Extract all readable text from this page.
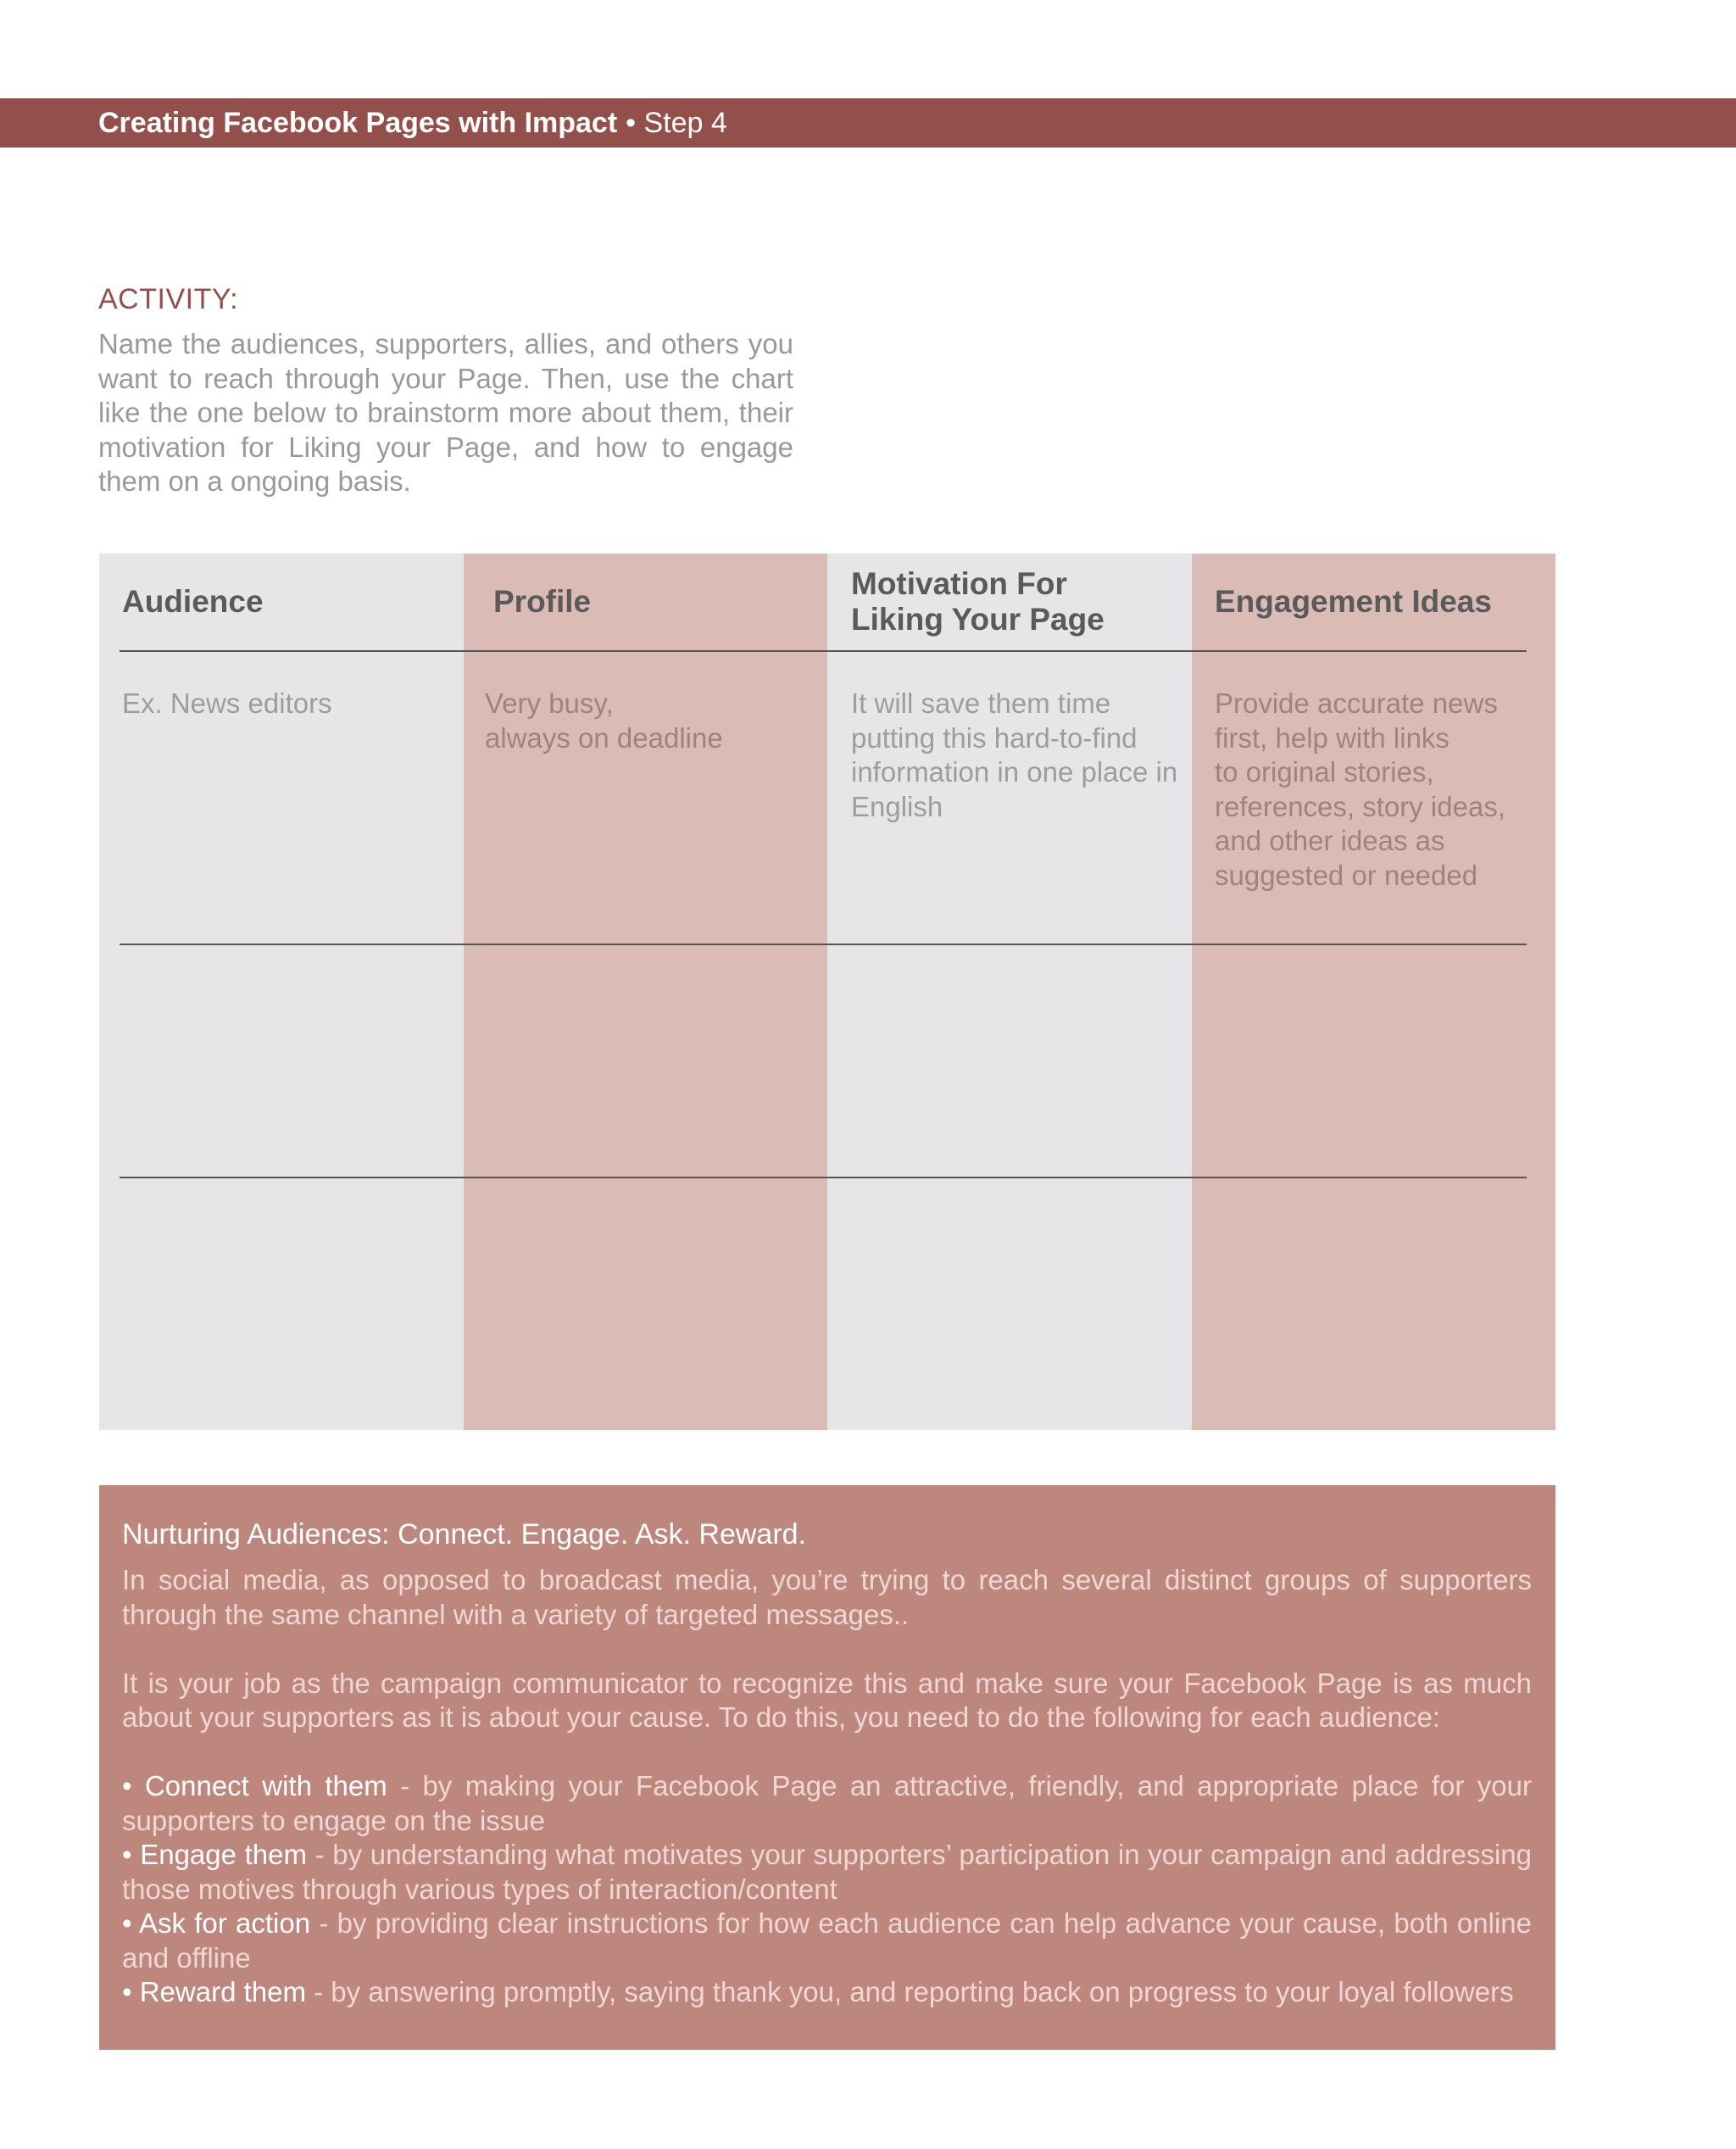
Creating Facebook Pages with Impact • Step 4
ACTIVITY:
Name the audiences, supporters, allies, and others you want to reach through your Page. Then, use the chart like the one below to brainstorm more about them, their motivation for Liking your Page, and how to engage them on a ongoing basis.
Audience	Profile
Motivation For
Liking Your Page
Engagement Ideas
Ex. News editors	Very busy,
always on deadline
It will save them time
putting this hard-to-find
information in one place in
English
Provide accurate news
first, help with links
to original stories,
references, story ideas,
and other ideas as
suggested or needed
Nurturing Audiences: Connect. Engage. Ask. Reward.

In social media, as opposed to broadcast media, you’re trying to reach several distinct groups of supporters through the same channel with a variety of targeted messages..

It is your job as the campaign communicator to recognize this and make sure your Facebook Page is as much about your supporters as it is about your cause. To do this, you need to do the following for each audience:

• Connect with them - by making your Facebook Page an attractive, friendly, and appropriate place for your supporters to engage on the issue

• Engage them - by understanding what motivates your supporters’ participation in your campaign and addressing those motives through various types of interaction/content

• Ask for action - by providing clear instructions for how each audience can help advance your cause, both online and offline

• Reward them - by answering promptly, saying thank you, and reporting back on progress to your loyal followers
